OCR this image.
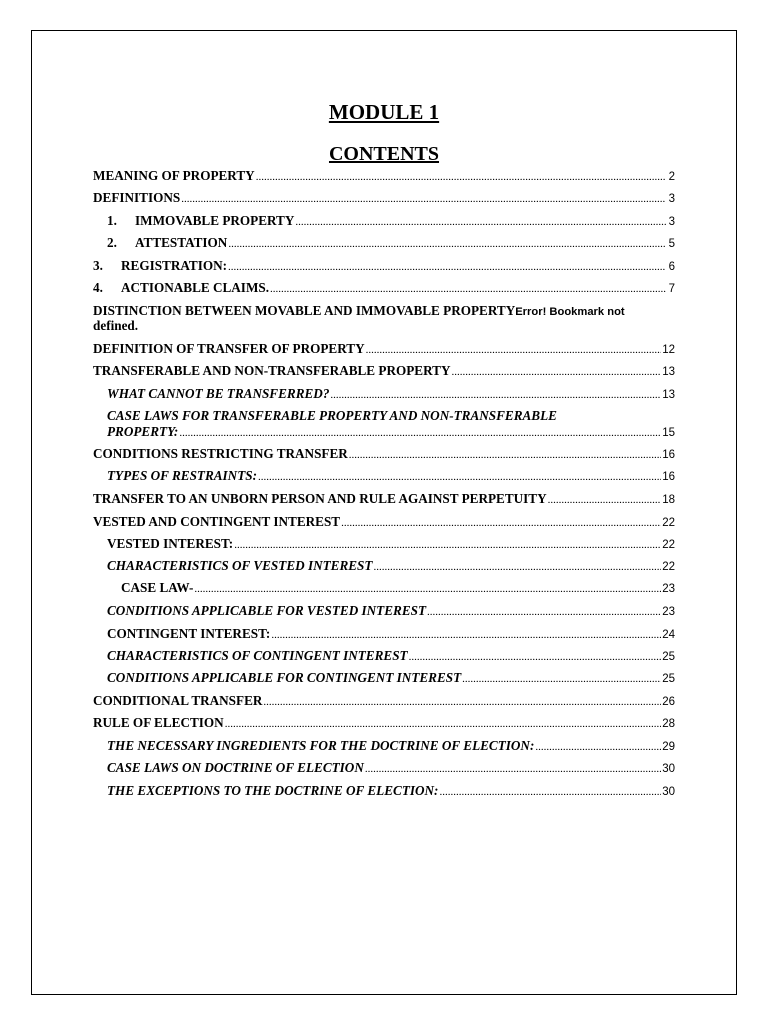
MODULE 1
CONTENTS
MEANING OF PROPERTY .....	2
DEFINITIONS .....	3
1.	IMMOVABLE PROPERTY .....	3
2.	ATTESTATION .....	5
3.	REGISTRATION: .....	6
4.	ACTIONABLE CLAIMS. .....	7
DISTINCTION BETWEEN MOVABLE AND IMMOVABLE PROPERTYError! Bookmark not
defined.
DEFINITION OF TRANSFER OF PROPERTY .....	12
TRANSFERABLE AND NON-TRANSFERABLE PROPERTY .....	13
WHAT CANNOT BE TRANSFERRED? .....	13
CASE LAWS FOR TRANSFERABLE PROPERTY AND NON-TRANSFERABLE
PROPERTY: .....	15
CONDITIONS RESTRICTING TRANSFER .....	16
TYPES OF RESTRAINTS: .....	16
TRANSFER TO AN UNBORN PERSON AND RULE AGAINST PERPETUITY .....	18
VESTED AND CONTINGENT INTEREST .....	22
VESTED INTEREST: .....	22
CHARACTERISTICS OF VESTED INTEREST .....	22
CASE LAW- .....	23
CONDITIONS APPLICABLE FOR VESTED INTEREST .....	23
CONTINGENT INTEREST: .....	24
CHARACTERISTICS OF CONTINGENT INTEREST .....	25
CONDITIONS APPLICABLE FOR CONTINGENT INTEREST .....	25
CONDITIONAL TRANSFER .....	26
RULE OF ELECTION .....	28
THE NECESSARY INGREDIENTS FOR THE DOCTRINE OF ELECTION: .....	29
CASE LAWS ON DOCTRINE OF ELECTION .....	30
THE EXCEPTIONS TO THE DOCTRINE OF ELECTION: .....	30
